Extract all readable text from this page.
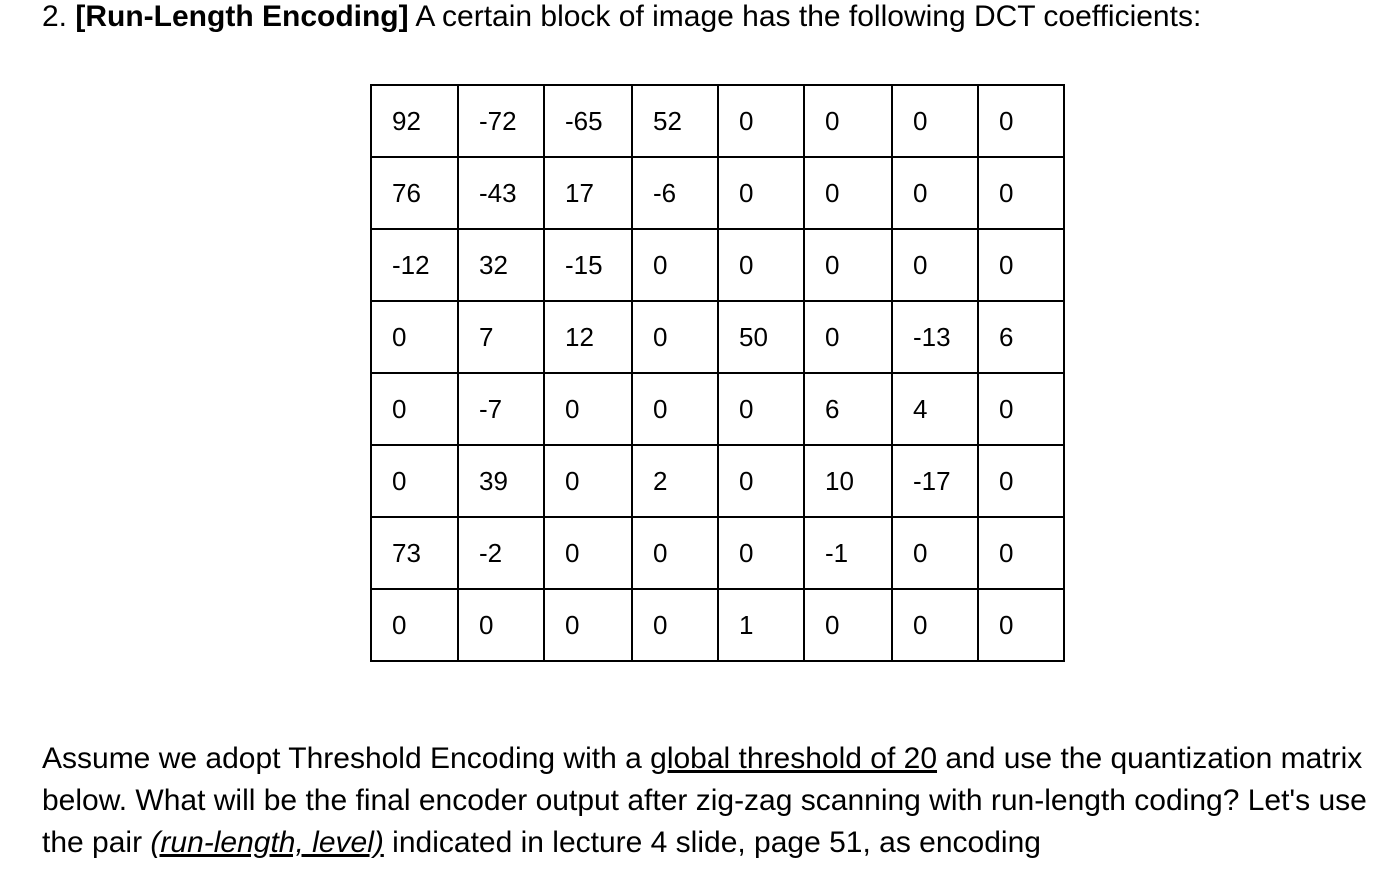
2. [Run-Length Encoding] A certain block of image has the following DCT coefficients:
92	-72	-65	52	0	0	0	0
76	-43	17	-6	0	0	0	0
-12	32	-15	0	0	0	0	0
0	7	12	0	50	0	-13	6
0	-7	0	0	0	6	4	0
0	39	0	2	0	10	-17	0
73	-2	0	0	0	-1	0	0
0	0	0	0	1	0	0	0
Assume we adopt Threshold Encoding with a global threshold of 20 and use the quantization matrix below. What will be the final encoder output after zig-zag scanning with run-length coding? Let's use the pair (run-length, level) indicated in lecture 4 slide, page 51, as encoding
